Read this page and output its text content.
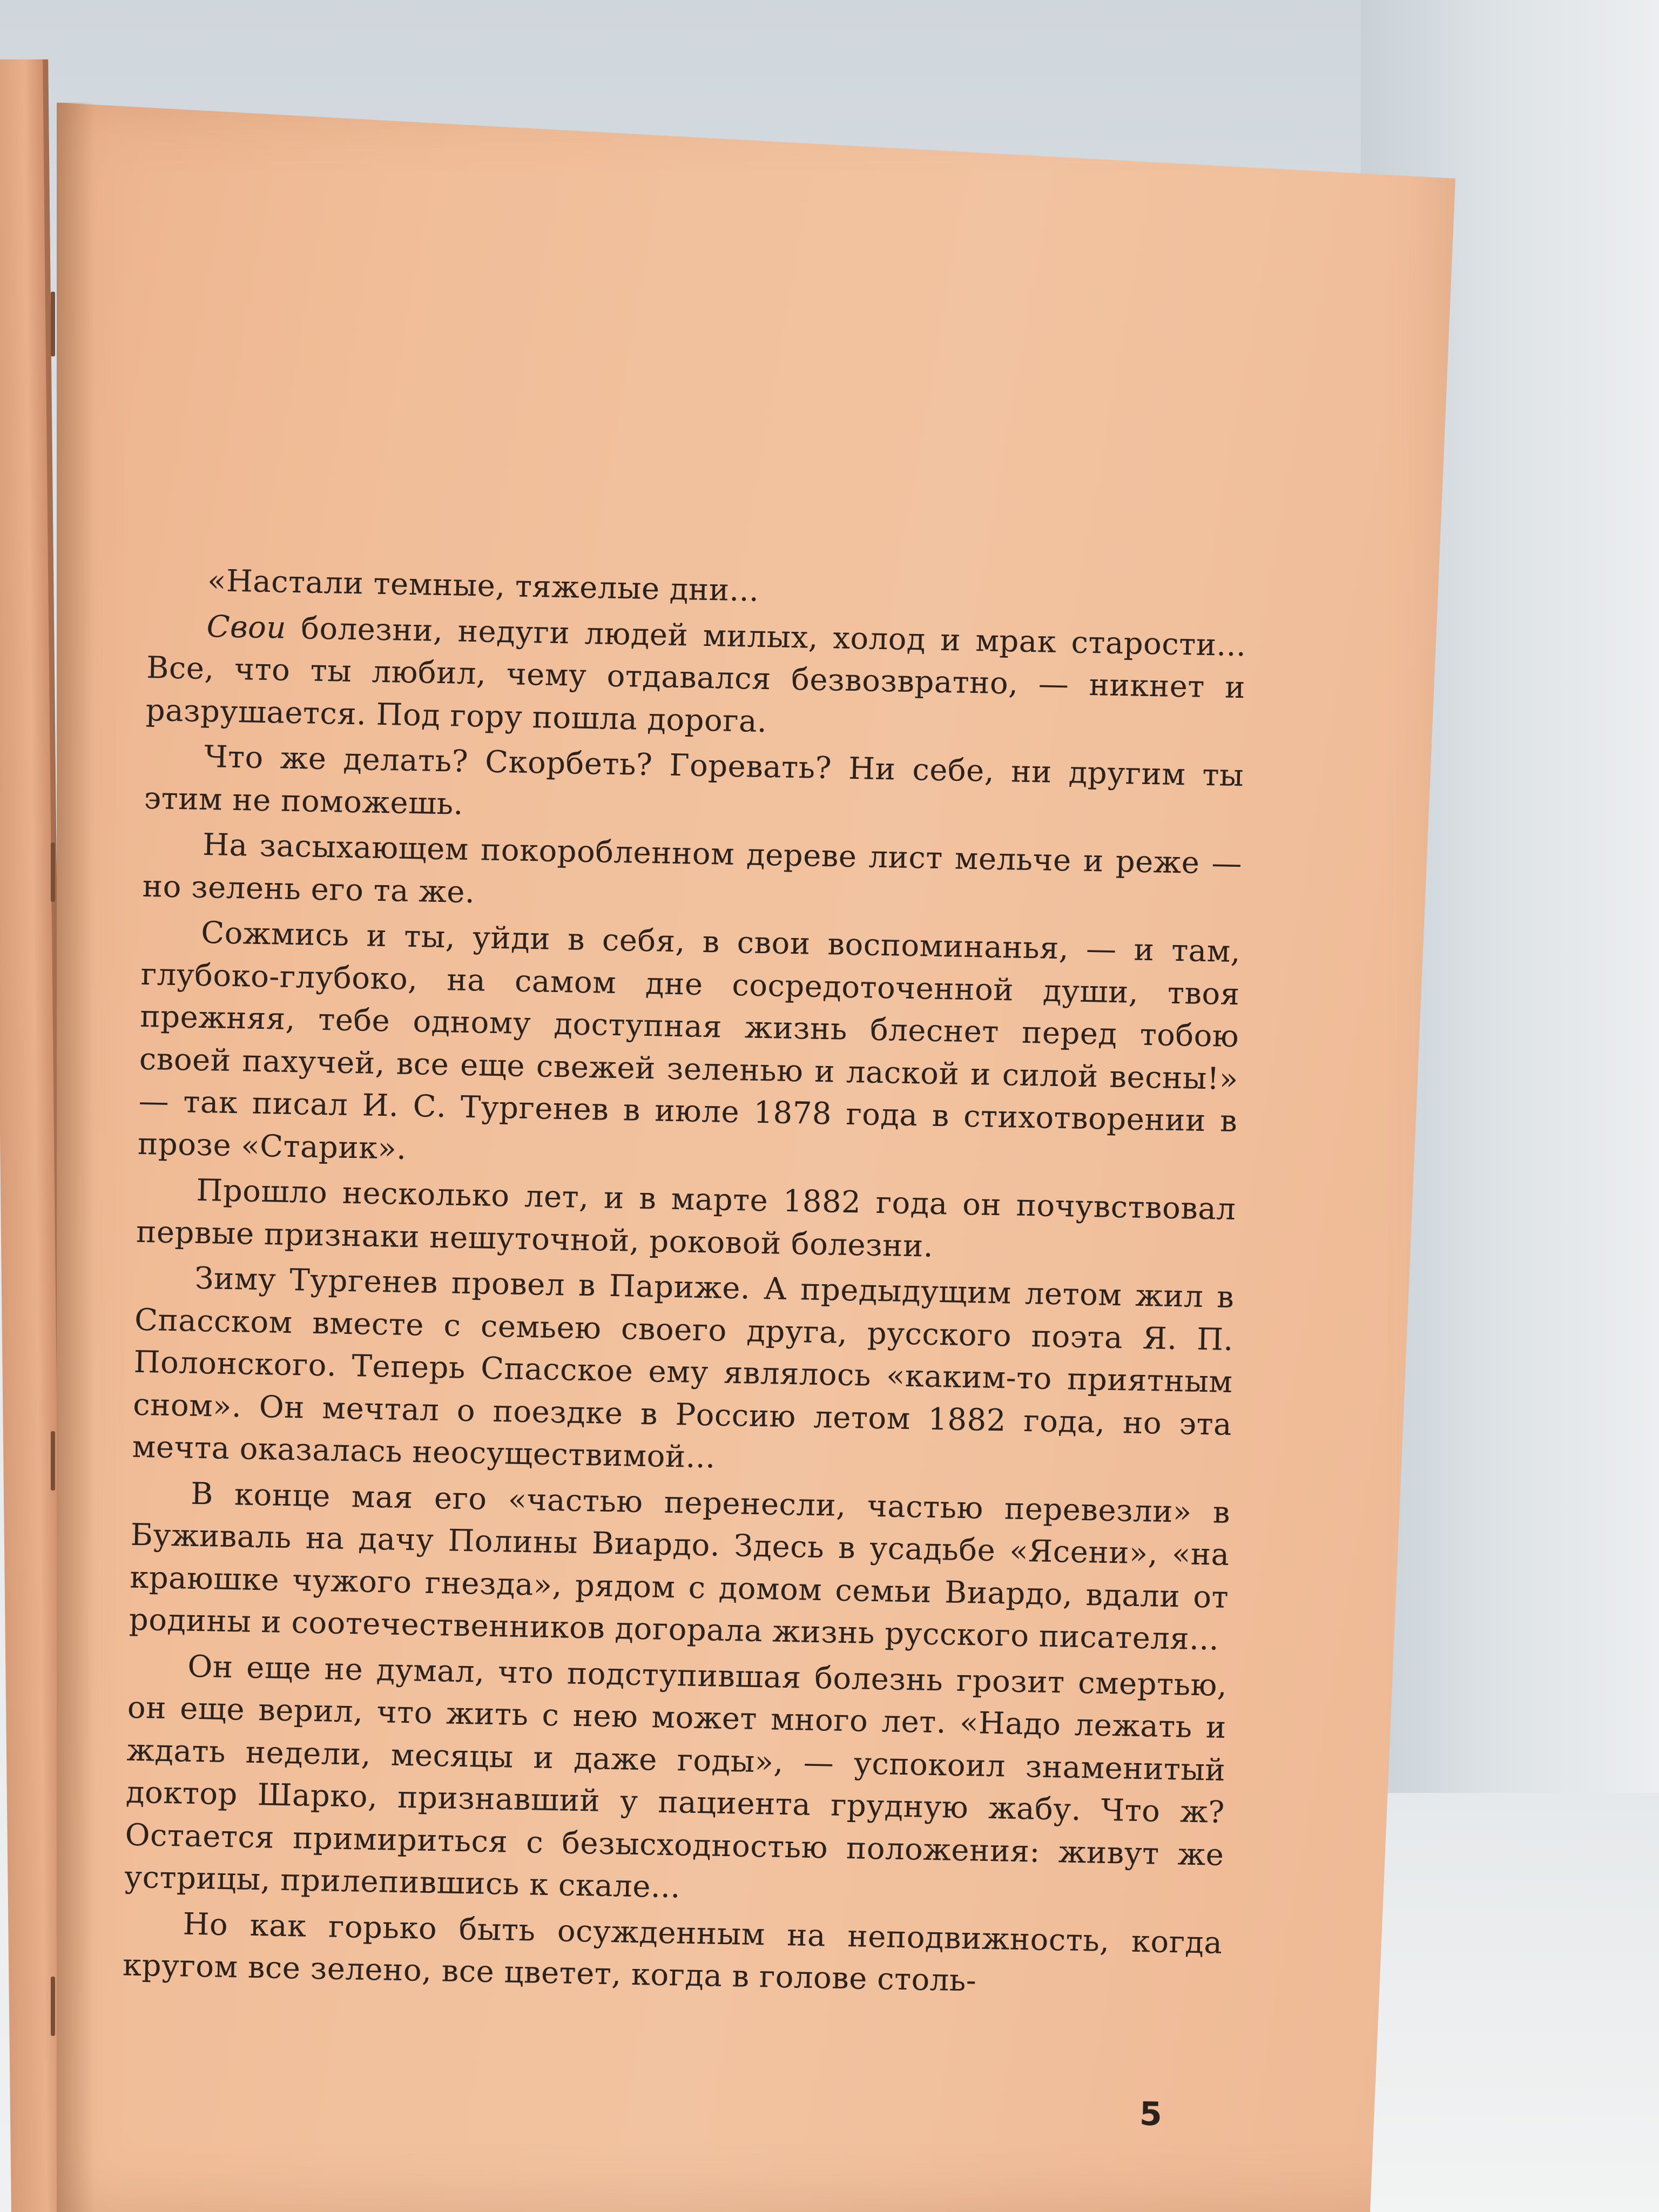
«Настали темные, тяжелые дни...

Свои болезни, недуги людей милых, холод и мрак старости... Все, что ты любил, чему отдавался безвозвратно, — никнет и разрушается. Под гору пошла дорога.

Что же делать? Скорбеть? Горевать? Ни себе, ни другим ты этим не поможешь.

На засыхающем покоробленном дереве лист мельче и реже — но зелень его та же.

Сожмись и ты, уйди в себя, в свои воспоминанья, — и там, глубоко-глубоко, на самом дне сосредоточенной души, твоя прежняя, тебе одному доступная жизнь блеснет перед тобою своей пахучей, все еще свежей зеленью и лаской и силой весны!» — так писал И. С. Тургенев в июле 1878 года в стихотворении в прозе «Старик».

Прошло несколько лет, и в марте 1882 года он почувствовал первые признаки нешуточной, роковой болезни.

Зиму Тургенев провел в Париже. А предыдущим летом жил в Спасском вместе с семьею своего друга, русского поэта Я. П. Полонского. Теперь Спасское ему являлось «каким-то приятным сном». Он мечтал о поездке в Россию летом 1882 года, но эта мечта оказалась неосуществимой...

В конце мая его «частью перенесли, частью перевезли» в Буживаль на дачу Полины Виардо. Здесь в усадьбе «Ясени», «на краюшке чужого гнезда», рядом с домом семьи Виардо, вдали от родины и соотечественников догорала жизнь русского писателя...

Он еще не думал, что подступившая болезнь грозит смертью, он еще верил, что жить с нею может много лет. «Надо лежать и ждать недели, месяцы и даже годы», — успокоил знаменитый доктор Шарко, признавший у пациента грудную жабу. Что ж? Остается примириться с безысходностью положения: живут же устрицы, прилепившись к скале...

Но как горько быть осужденным на неподвижность, когда кругом все зелено, все цветет, когда в голове столь-

5
